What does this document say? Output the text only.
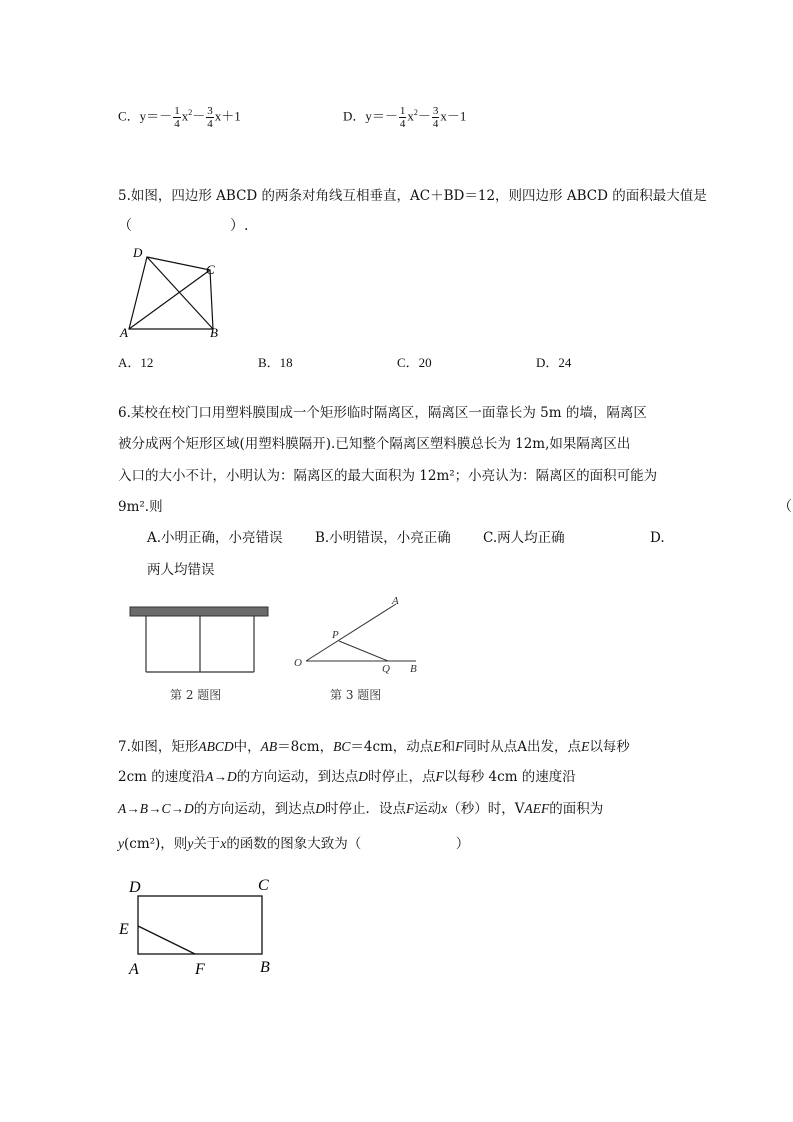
C．$y=- \frac{1}{4} x^2- \frac{3}{4} x+1$	D．$y=- \frac{1}{4} x^2- \frac{3}{4} x-1$
5.如图，四边形 ABCD 的两条对角线互相垂直，AC＋BD＝12，则四边形 ABCD 的面积最大值是
（　　　　　　　）.
D
C
A	B
A．12	B．18	C．20	D．24
6.某校在校门口用塑料膜围成一个矩形临时隔离区，隔离区一面靠长为 5m 的墙，隔离区
被分成两个矩形区域(用塑料膜隔开).已知整个隔离区塑料膜总长为 12m,如果隔离区出
入口的大小不计，小明认为：隔离区的最大面积为 12m²；小亮认为：隔离区的面积可能为
9m².则	（
A.小明正确，小亮错误 B.小明错误，小亮正确 C.两人均正确	D.
两人均错误
第 2 题图
A
P
O	Q B
第 3 题图
7.如图，矩形ABCD中，AB＝8cm，BC＝4cm，动点E和F同时从点A出发，点E以每秒
2cm 的速度沿A→D的方向运动，到达点D时停止，点F以每秒 4cm 的速度沿
A→B→C→D的方向运动，到达点D时停止．设点F运动x（秒）时，VAEF的面积为
y(cm²)，则y关于x的函数的图象大致为（　　　　　　　）
D	C
E
A	F	B
